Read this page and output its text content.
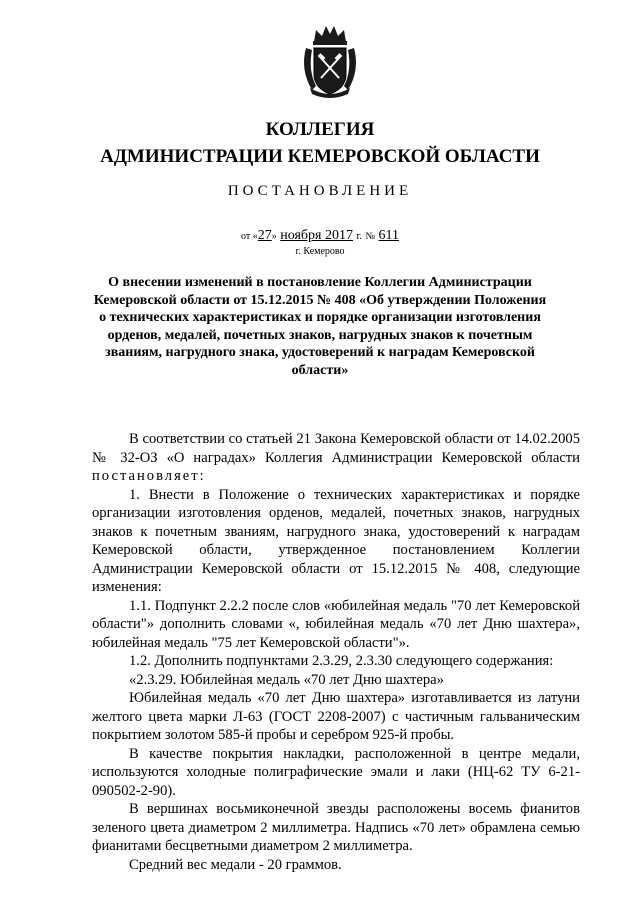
КОЛЛЕГИЯ
АДМИНИСТРАЦИИ КЕМЕРОВСКОЙ ОБЛАСТИ
ПОСТАНОВЛЕНИЕ
от «27» ноября 2017 г. № 611
г. Кемерово

О внесении изменений в постановление Коллегии Администрации Кемеровской области от 15.12.2015 № 408 «Об утверждении Положения о технических характеристиках и порядке организации изготовления орденов, медалей, почетных знаков, нагрудных знаков к почетным званиям, нагрудного знака, удостоверений к наградам Кемеровской области»

В соответствии со статьей 21 Закона Кемеровской области от 14.02.2005 № 32-ОЗ «О наградах» Коллегия Администрации Кемеровской области постановляет:

1. Внести в Положение о технических характеристиках и порядке организации изготовления орденов, медалей, почетных знаков, нагрудных знаков к почетным званиям, нагрудного знака, удостоверений к наградам Кемеровской области, утвержденное постановлением Коллегии Администрации Кемеровской области от 15.12.2015 № 408, следующие изменения:

1.1. Подпункт 2.2.2 после слов «юбилейная медаль "70 лет Кемеровской области"» дополнить словами «, юбилейная медаль «70 лет Дню шахтера», юбилейная медаль "75 лет Кемеровской области"».

1.2. Дополнить подпунктами 2.3.29, 2.3.30 следующего содержания:

«2.3.29. Юбилейная медаль «70 лет Дню шахтера»

Юбилейная медаль «70 лет Дню шахтера» изготавливается из латуни желтого цвета марки Л-63 (ГОСТ 2208-2007) с частичным гальваническим покрытием золотом 585-й пробы и серебром 925-й пробы.

В качестве покрытия накладки, расположенной в центре медали, используются холодные полиграфические эмали и лаки (НЦ-62 ТУ 6-21-090502-2-90).

В вершинах восьмиконечной звезды расположены восемь фианитов зеленого цвета диаметром 2 миллиметра. Надпись «70 лет» обрамлена семью фианитами бесцветными диаметром 2 миллиметра.

Средний вес медали - 20 граммов.
